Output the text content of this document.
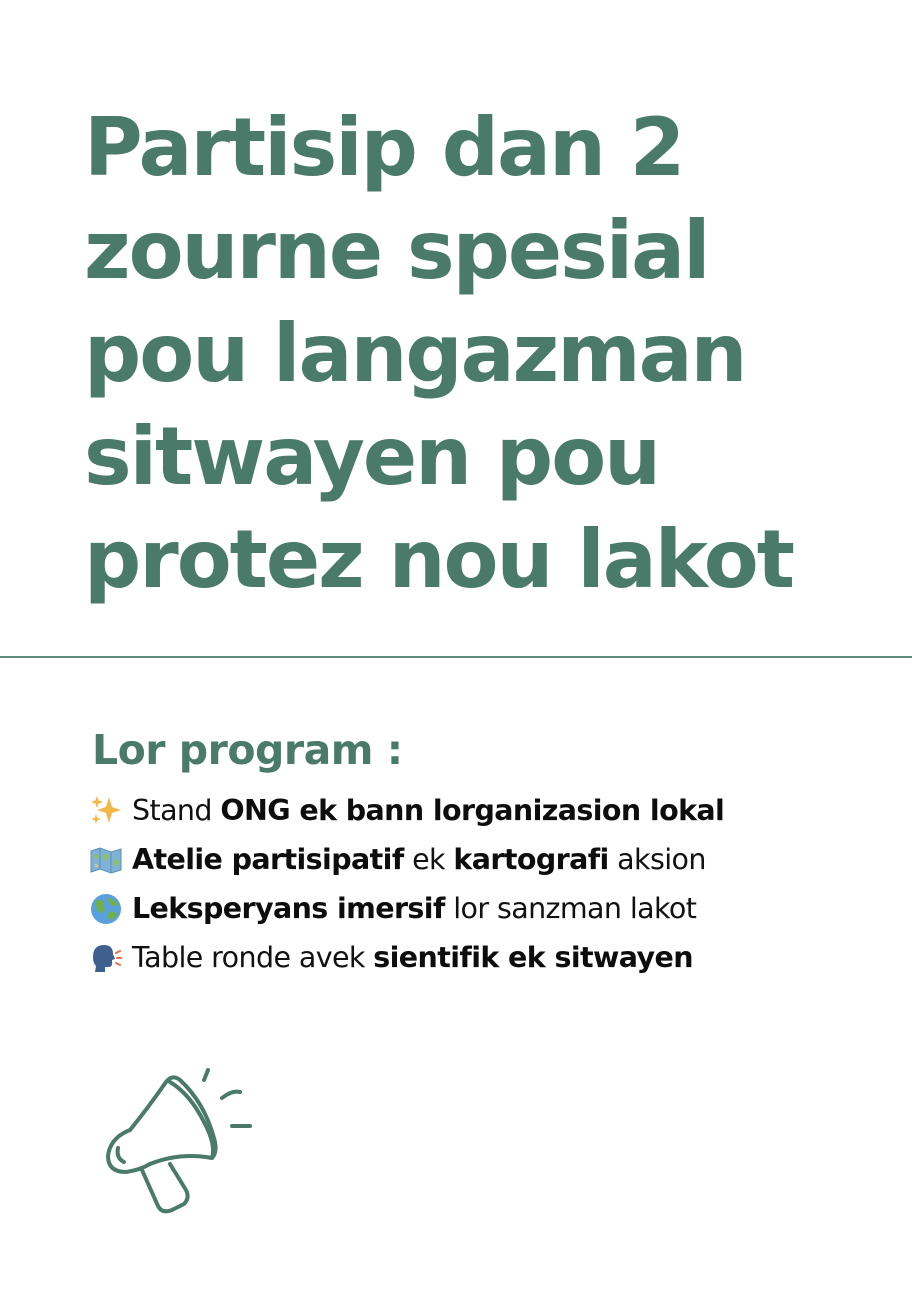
Partisip dan 2
zourne spesial
pou langazman
sitwayen pou
protez nou lakot
Lor program :
Stand ONG ek bann lorganizasion lokal
Atelie partisipatif ek kartografi aksion
Leksperyans imersif lor sanzman lakot
Table ronde avek sientifik ek sitwayen
